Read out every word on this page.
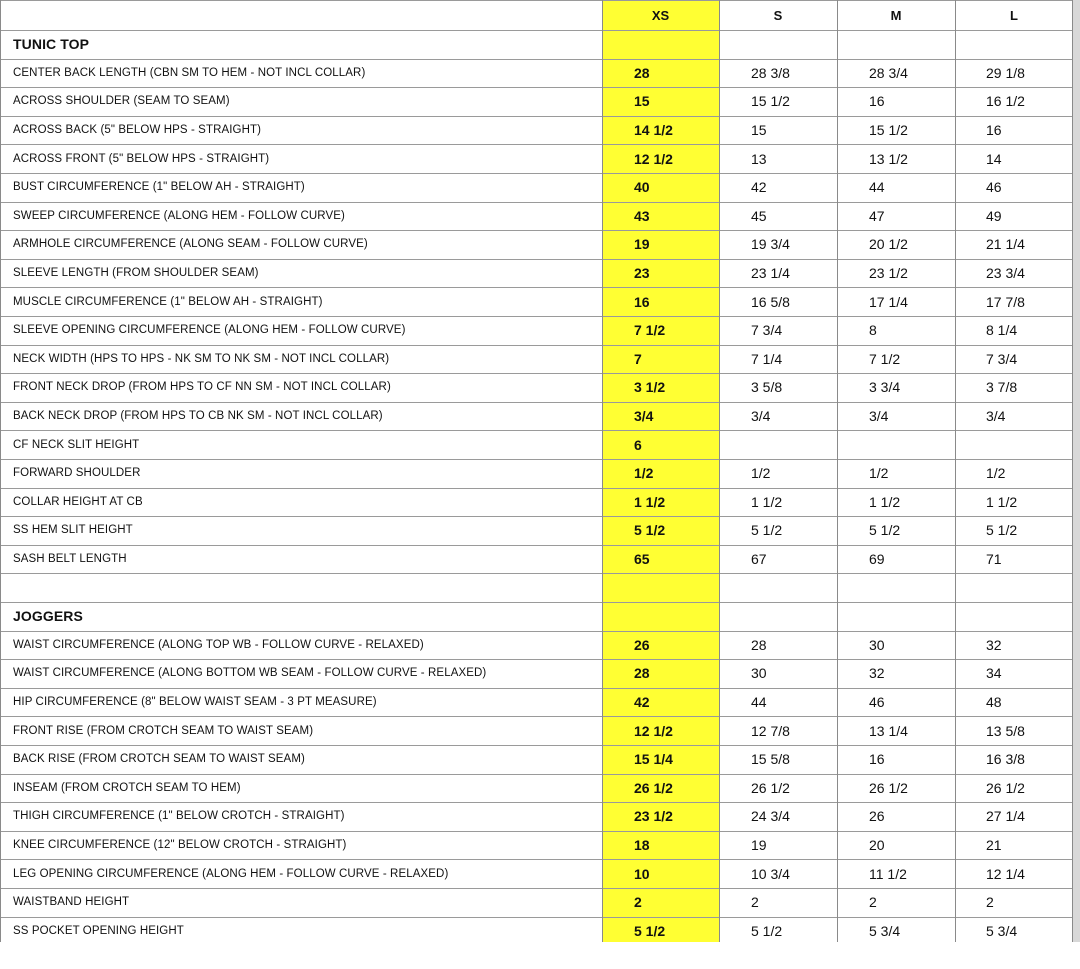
XS	S	M	L
TUNIC TOP
CENTER BACK LENGTH (CBN SM TO HEM - NOT INCL COLLAR)	28	28 3/8	28 3/4	29 1/8
ACROSS SHOULDER (SEAM TO SEAM)	15	15 1/2	16	16 1/2
ACROSS BACK (5" BELOW HPS - STRAIGHT)	14 1/2	15	15 1/2	16
ACROSS FRONT (5" BELOW HPS - STRAIGHT)	12 1/2	13	13 1/2	14
BUST CIRCUMFERENCE (1" BELOW AH - STRAIGHT)	40	42	44	46
SWEEP CIRCUMFERENCE (ALONG HEM - FOLLOW CURVE)	43	45	47	49
ARMHOLE CIRCUMFERENCE (ALONG SEAM - FOLLOW CURVE)	19	19 3/4	20 1/2	21 1/4
SLEEVE LENGTH (FROM SHOULDER SEAM)	23	23 1/4	23 1/2	23 3/4
MUSCLE CIRCUMFERENCE (1" BELOW AH - STRAIGHT)	16	16 5/8	17 1/4	17 7/8
SLEEVE OPENING CIRCUMFERENCE (ALONG HEM - FOLLOW CURVE)	7 1/2	7 3/4	8	8 1/4
NECK WIDTH (HPS TO HPS - NK SM TO NK SM - NOT INCL COLLAR)	7	7 1/4	7 1/2	7 3/4
FRONT NECK DROP (FROM HPS TO CF NN SM - NOT INCL COLLAR)	3 1/2	3 5/8	3 3/4	3 7/8
BACK NECK DROP (FROM HPS TO CB NK SM - NOT INCL COLLAR)	3/4	3/4	3/4	3/4
CF NECK SLIT HEIGHT	6
FORWARD SHOULDER	1/2	1/2	1/2	1/2
COLLAR HEIGHT AT CB	1 1/2	1 1/2	1 1/2	1 1/2
SS HEM SLIT HEIGHT	5 1/2	5 1/2	5 1/2	5 1/2
SASH BELT LENGTH	65	67	69	71
JOGGERS
WAIST CIRCUMFERENCE (ALONG TOP WB - FOLLOW CURVE - RELAXED)	26	28	30	32
WAIST CIRCUMFERENCE (ALONG BOTTOM WB SEAM - FOLLOW CURVE - RELAXED)	28	30	32	34
HIP CIRCUMFERENCE (8" BELOW WAIST SEAM - 3 PT MEASURE)	42	44	46	48
FRONT RISE (FROM CROTCH SEAM TO WAIST SEAM)	12 1/2	12 7/8	13 1/4	13 5/8
BACK RISE (FROM CROTCH SEAM TO WAIST SEAM)	15 1/4	15 5/8	16	16 3/8
INSEAM (FROM CROTCH SEAM TO HEM)	26 1/2	26 1/2	26 1/2	26 1/2
THIGH CIRCUMFERENCE (1" BELOW CROTCH - STRAIGHT)	23 1/2	24 3/4	26	27 1/4
KNEE CIRCUMFERENCE (12" BELOW CROTCH - STRAIGHT)	18	19	20	21
LEG OPENING CIRCUMFERENCE (ALONG HEM - FOLLOW CURVE - RELAXED)	10	10 3/4	11 1/2	12 1/4
WAISTBAND HEIGHT	2	2	2	2
SS POCKET OPENING HEIGHT	5 1/2	5 1/2	5 3/4	5 3/4
